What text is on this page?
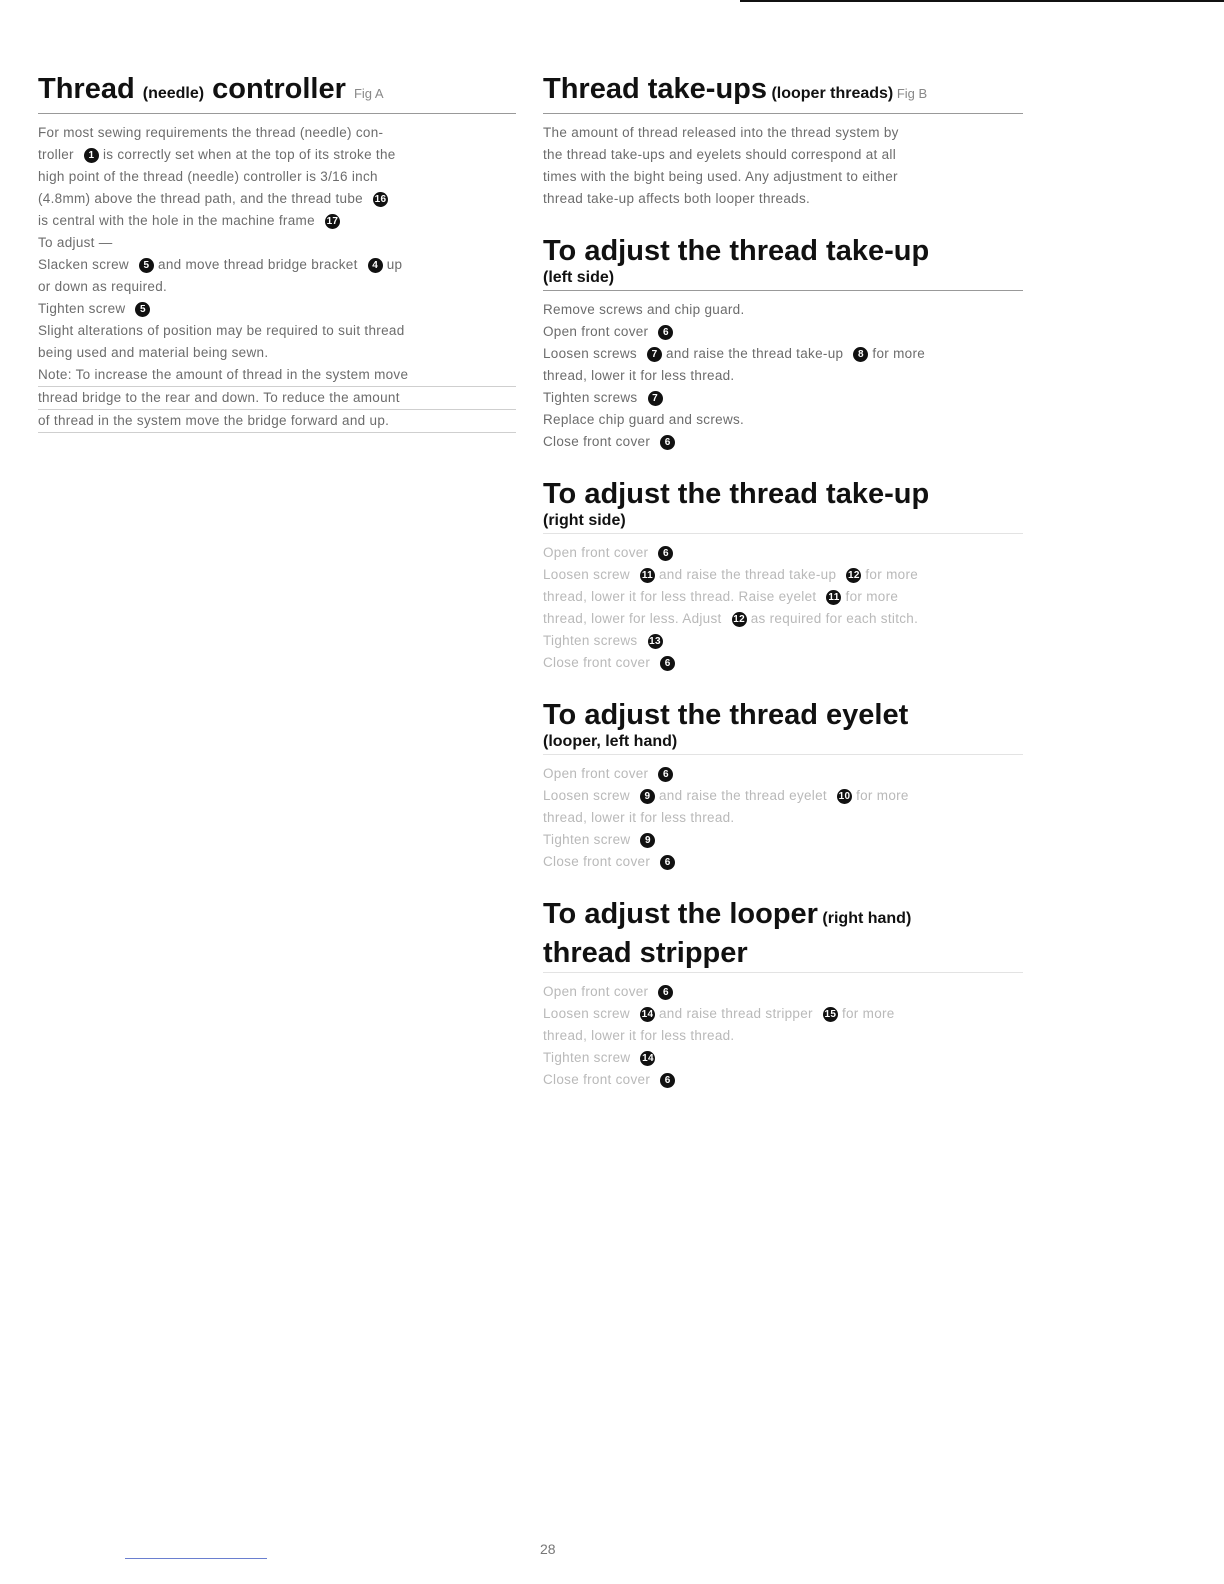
Thread (needle) controller Fig A
For most sewing requirements the thread (needle) con-
troller 1 is correctly set when at the top of its stroke the
high point of the thread (needle) controller is 3/16 inch
(4.8mm) above the thread path, and the thread tube 16
is central with the hole in the machine frame 17
To adjust —
Slacken screw 5 and move thread bridge bracket 4 up
or down as required.
Tighten screw 5
Slight alterations of position may be required to suit thread
being used and material being sewn.
Note: To increase the amount of thread in the system move
thread bridge to the rear and down. To reduce the amount
of thread in the system move the bridge forward and up.
Thread take-ups (looper threads) Fig B
The amount of thread released into the thread system by
the thread take-ups and eyelets should correspond at all
times with the bight being used. Any adjustment to either
thread take-up affects both looper threads.
To adjust the thread take-up
(left side)
Remove screws and chip guard.
Open front cover 6
Loosen screws 7 and raise the thread take-up 8 for more
thread, lower it for less thread.
Tighten screws 7
Replace chip guard and screws.
Close front cover 6
To adjust the thread take-up
(right side)
Open front cover 6
Loosen screw 11 and raise the thread take-up 12 for more
thread, lower it for less thread. Raise eyelet 11 for more
thread, lower for less. Adjust 12 as required for each stitch.
Tighten screws 13
Close front cover 6
To adjust the thread eyelet
(looper, left hand)
Open front cover 6
Loosen screw 9 and raise the thread eyelet 10 for more
thread, lower it for less thread.
Tighten screw 9
Close front cover 6
To adjust the looper (right hand)
thread stripper
Open front cover 6
Loosen screw 14 and raise thread stripper 15 for more
thread, lower it for less thread.
Tighten screw 14
Close front cover 6
28
